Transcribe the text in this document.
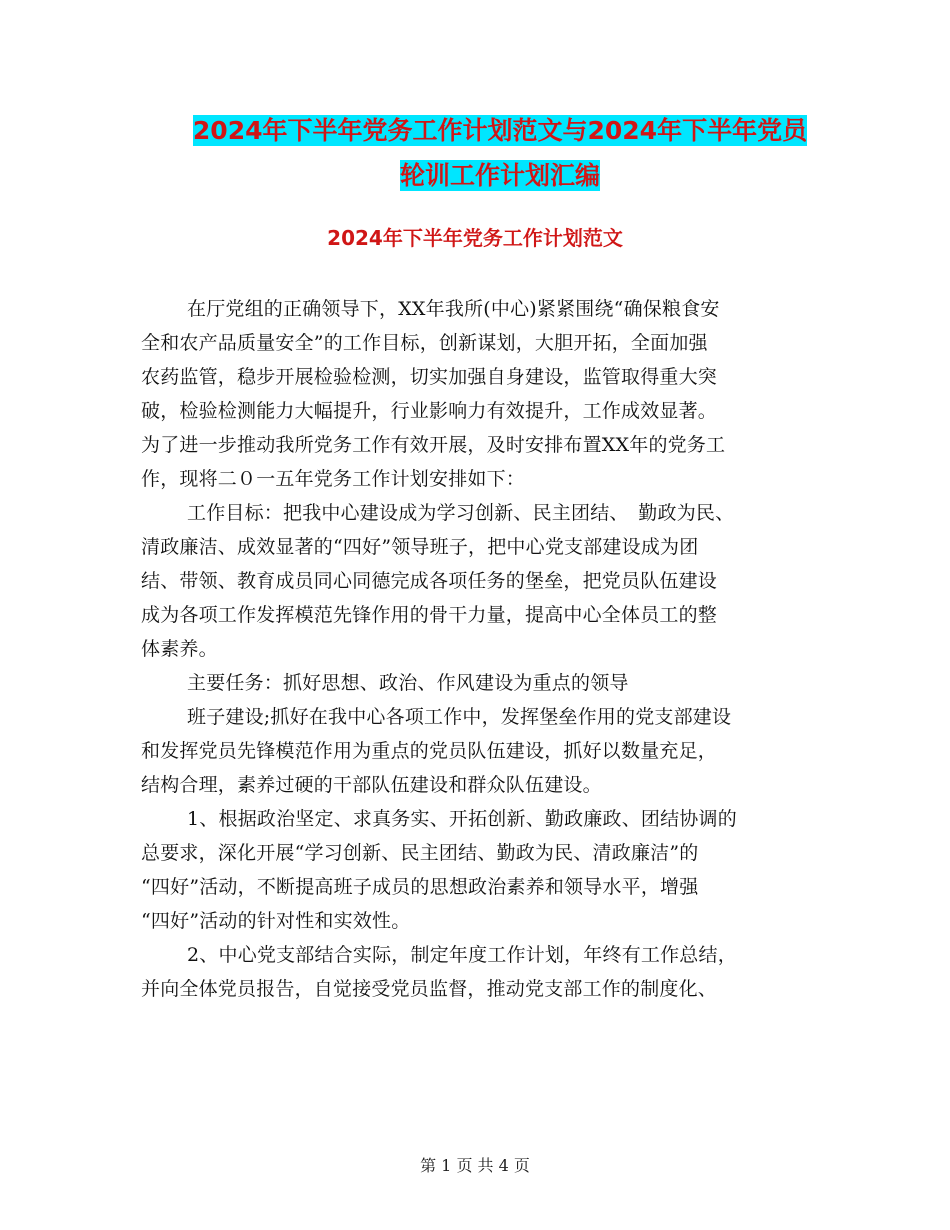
2024年下半年党务工作计划范文与2024年下半年党员
轮训工作计划汇编
2024年下半年党务工作计划范文

在厅党组的正确领导下，XX年我所(中心)紧紧围绕“确保粮食安

全和农产品质量安全”的工作目标，创新谋划，大胆开拓，全面加强

农药监管，稳步开展检验检测，切实加强自身建设，监管取得重大突

破，检验检测能力大幅提升，行业影响力有效提升，工作成效显著。

为了进一步推动我所党务工作有效开展，及时安排布置XX年的党务工

作，现将二０一五年党务工作计划安排如下：

工作目标：把我中心建设成为学习创新、民主团结、　勤政为民、

清政廉洁、成效显著的“四好”领导班子，把中心党支部建设成为团

结、带领、教育成员同心同德完成各项任务的堡垒，把党员队伍建设

成为各项工作发挥模范先锋作用的骨干力量，提高中心全体员工的整

体素养。

主要任务：抓好思想、政治、作风建设为重点的领导

班子建设;抓好在我中心各项工作中，发挥堡垒作用的党支部建设

和发挥党员先锋模范作用为重点的党员队伍建设，抓好以数量充足，

结构合理，素养过硬的干部队伍建设和群众队伍建设。

1、根据政治坚定、求真务实、开拓创新、勤政廉政、团结协调的

总要求，深化开展“学习创新、民主团结、勤政为民、清政廉洁”的

“四好”活动，不断提高班子成员的思想政治素养和领导水平，增强

“四好”活动的针对性和实效性。

2、中心党支部结合实际，制定年度工作计划，年终有工作总结，

并向全体党员报告，自觉接受党员监督，推动党支部工作的制度化、

第 1 页 共 4 页
